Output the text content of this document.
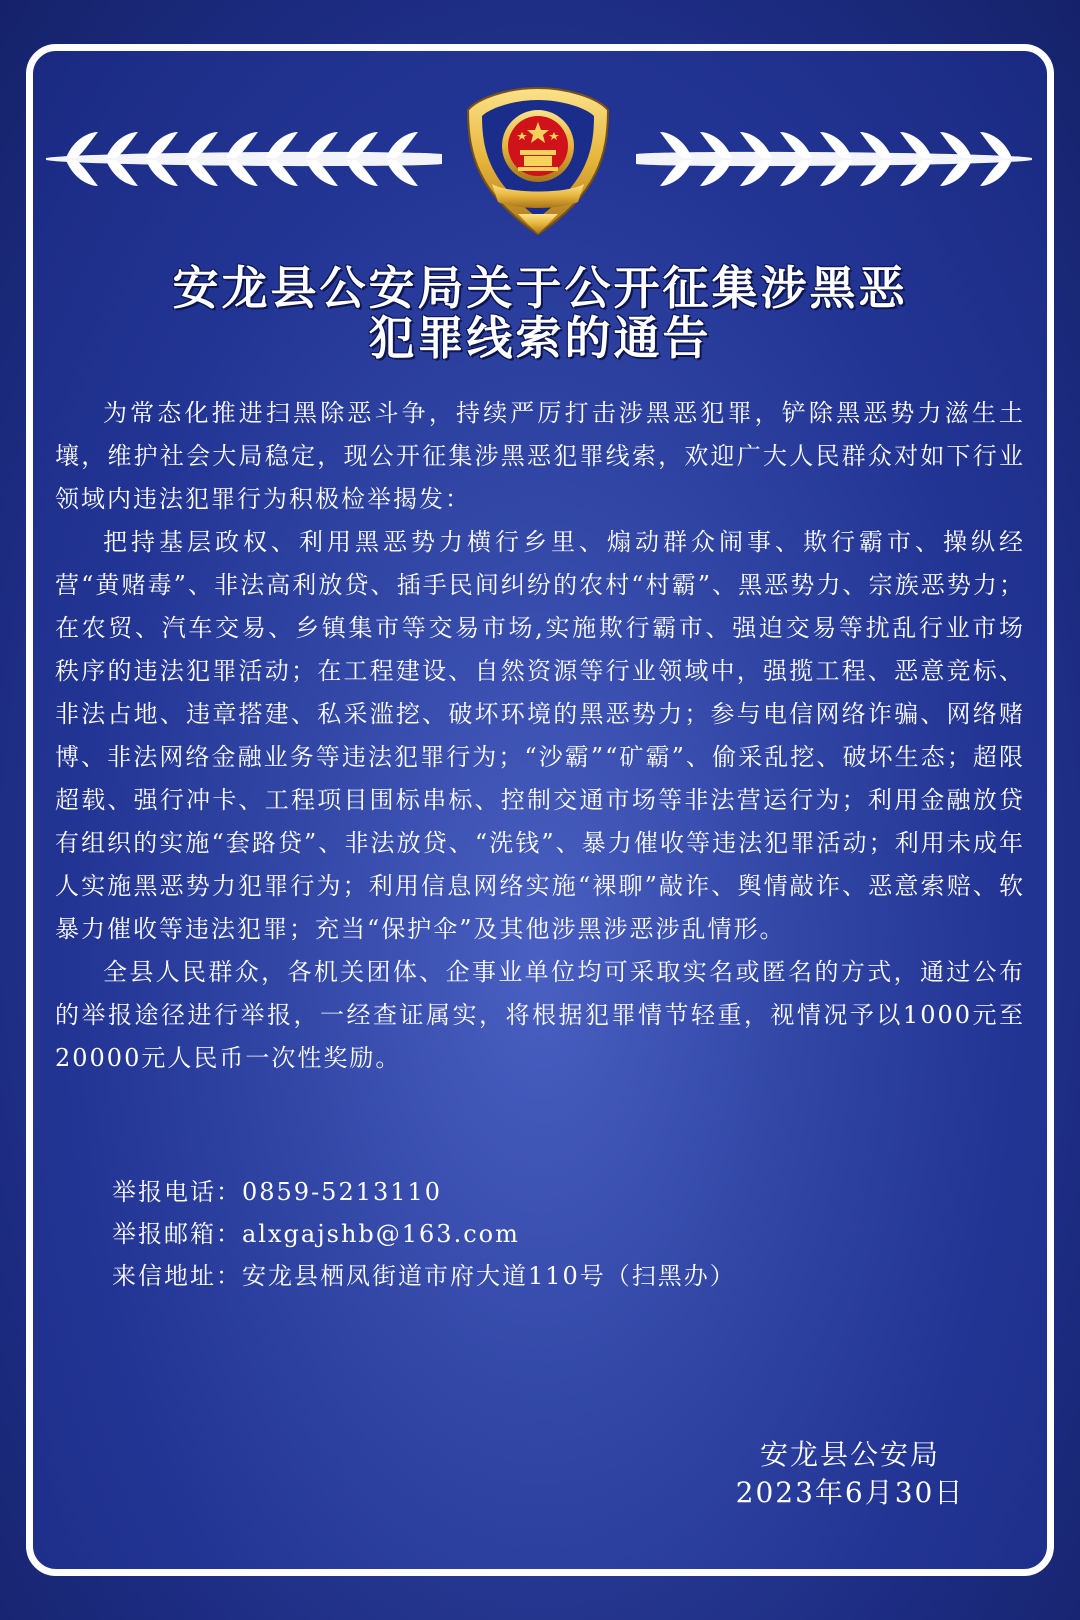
安龙县公安局关于公开征集涉黑恶
犯罪线索的通告

为常态化推进扫黑除恶斗争，持续严厉打击涉黑恶犯罪，铲除黑恶势力滋生土壤，维护社会大局稳定，现公开征集涉黑恶犯罪线索，欢迎广大人民群众对如下行业领域内违法犯罪行为积极检举揭发：

把持基层政权、利用黑恶势力横行乡里、煽动群众闹事、欺行霸市、操纵经营“黄赌毒”、非法高利放贷、插手民间纠纷的农村“村霸”、黑恶势力、宗族恶势力；在农贸、汽车交易、乡镇集市等交易市场,实施欺行霸市、强迫交易等扰乱行业市场秩序的违法犯罪活动；在工程建设、自然资源等行业领域中，强揽工程、恶意竞标、非法占地、违章搭建、私采滥挖、破坏环境的黑恶势力；参与电信网络诈骗、网络赌博、非法网络金融业务等违法犯罪行为；“沙霸”“矿霸”、偷采乱挖、破坏生态；超限超载、强行冲卡、工程项目围标串标、控制交通市场等非法营运行为；利用金融放贷有组织的实施“套路贷”、非法放贷、“洗钱”、暴力催收等违法犯罪活动；利用未成年人实施黑恶势力犯罪行为；利用信息网络实施“裸聊”敲诈、舆情敲诈、恶意索赔、软暴力催收等违法犯罪；充当“保护伞”及其他涉黑涉恶涉乱情形。

全县人民群众，各机关团体、企事业单位均可采取实名或匿名的方式，通过公布的举报途径进行举报，一经查证属实，将根据犯罪情节轻重，视情况予以1000元至20000元人民币一次性奖励。

举报电话：0859-5213110
举报邮箱：alxgajshb@163.com
来信地址：安龙县栖凤街道市府大道110号（扫黑办）
安龙县公安局
2023年6月30日
